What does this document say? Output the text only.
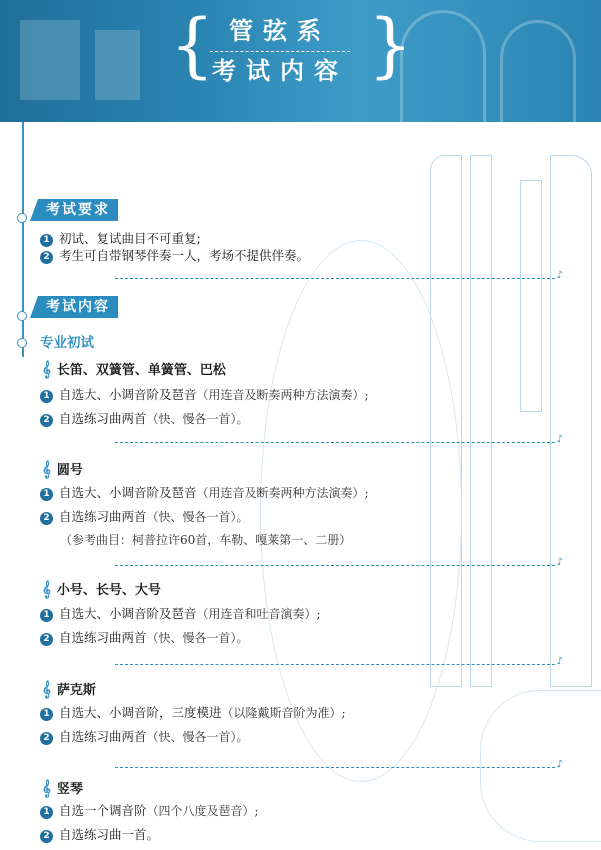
{ }
管弦系
考试内容
考试要求
1 初试、复试曲目不可重复;
2 考生可自带钢琴伴奏一人，考场不提供伴奏。
♪
考试内容
专业初试
𝄞 长笛、双簧管、单簧管、巴松
1 自选大、小调音阶及琶音（用连音及断奏两种方法演奏）;
2 自选练习曲两首（快、慢各一首）。
♪
𝄞 圆号
1 自选大、小调音阶及琶音（用连音及断奏两种方法演奏）;
2 自选练习曲两首（快、慢各一首）。
（参考曲目：柯普拉许60首，车勒、嘎莱第一、二册）
♪
𝄞 小号、长号、大号
1 自选大、小调音阶及琶音（用连音和吐音演奏）;
2 自选练习曲两首（快、慢各一首）。
♪
𝄞 萨克斯
1 自选大、小调音阶，三度模进（以隆戴斯音阶为准）;
2 自选练习曲两首（快、慢各一首）。
♪
𝄞 竖琴
1 自选一个调音阶（四个八度及琶音）;
2 自选练习曲一首。
